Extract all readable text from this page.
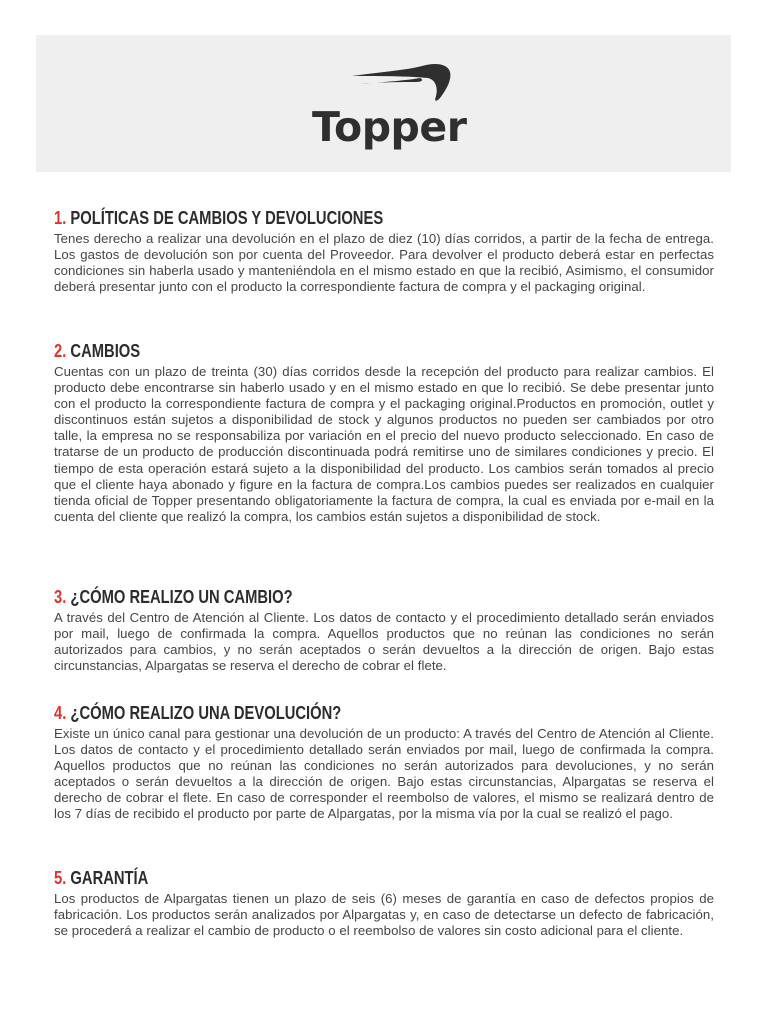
Topper
1. POLÍTICAS DE CAMBIOS Y DEVOLUCIONES

Tenes derecho a realizar una devolución en el plazo de diez (10) días corridos, a partir de la fecha de entrega. Los gastos de devolución son por cuenta del Proveedor. Para devolver el producto deberá estar en perfectas condiciones sin haberla usado y manteniéndola en el mismo estado en que la recibió, Asimismo, el consumidor deberá presentar junto con el producto la correspondiente factura de compra y el packaging original.

2. CAMBIOS

Cuentas con un plazo de treinta (30) días corridos desde la recepción del producto para realizar cambios. El producto debe encontrarse sin haberlo usado y en el mismo estado en que lo recibió. Se debe presentar junto con el producto la correspondiente factura de compra y el packaging original.Productos en promoción, outlet y discontinuos están sujetos a disponibilidad de stock y algunos productos no pueden ser cambiados por otro talle, la empresa no se responsabiliza por variación en el precio del nuevo producto seleccionado. En caso de tratarse de un producto de producción discontinuada podrá remitirse uno de similares condiciones y precio. El tiempo de esta operación estará sujeto a la disponibilidad del producto. Los cambios serán tomados al precio que el cliente haya abonado y figure en la factura de compra.Los cambios puedes ser realizados en cualquier tienda oficial de Topper presentando obligatoriamente la factura de compra, la cual es enviada por e-mail en la cuenta del cliente que realizó la compra, los cambios están sujetos a disponibilidad de stock.

3. ¿CÓMO REALIZO UN CAMBIO?

A través del Centro de Atención al Cliente. Los datos de contacto y el procedimiento detallado serán enviados por mail, luego de confirmada la compra. Aquellos productos que no reúnan las condiciones no serán autorizados para cambios, y no serán aceptados o serán devueltos a la dirección de origen. Bajo estas circunstancias, Alpargatas se reserva el derecho de cobrar el flete.

4. ¿CÓMO REALIZO UNA DEVOLUCIÓN?

Existe un único canal para gestionar una devolución de un producto: A través del Centro de Atención al Cliente. Los datos de contacto y el procedimiento detallado serán enviados por mail, luego de confirmada la compra. Aquellos productos que no reúnan las condiciones no serán autorizados para devoluciones, y no serán aceptados o serán devueltos a la dirección de origen. Bajo estas circunstancias, Alpargatas se reserva el derecho de cobrar el flete. En caso de corresponder el reembolso de valores, el mismo se realizará dentro de los 7 días de recibido el producto por parte de Alpargatas, por la misma vía por la cual se realizó el pago.

5. GARANTÍA

Los productos de Alpargatas tienen un plazo de seis (6) meses de garantía en caso de defectos propios de fabricación. Los productos serán analizados por Alpargatas y, en caso de detectarse un defecto de fabricación, se procederá a realizar el cambio de producto o el reembolso de valores sin costo adicional para el cliente.
